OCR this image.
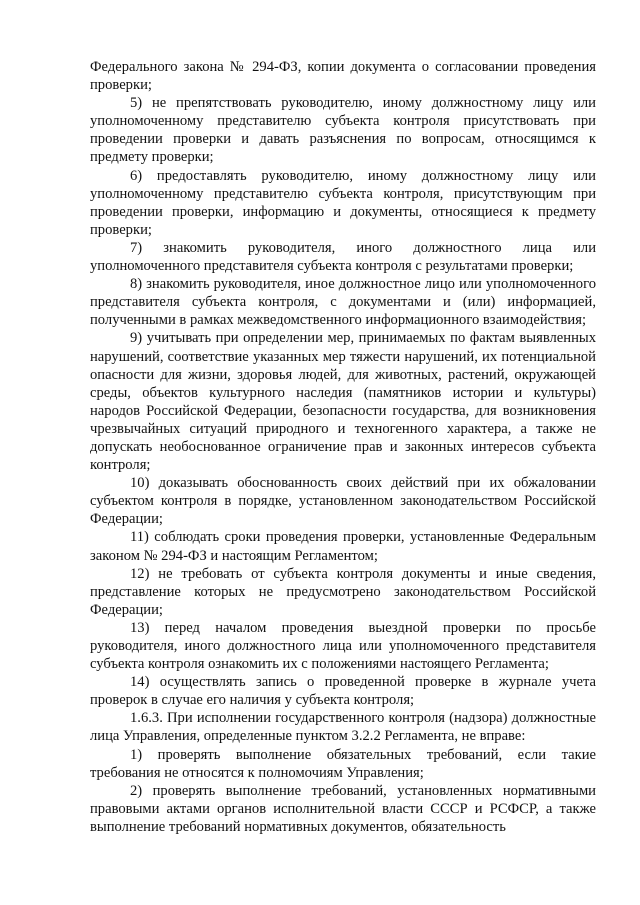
Федерального закона № 294-ФЗ, копии документа о согласовании проведения проверки;

5) не препятствовать руководителю, иному должностному лицу или уполномоченному представителю субъекта контроля присутствовать при проведении проверки и давать разъяснения по вопросам, относящимся к предмету проверки;

6) предоставлять руководителю, иному должностному лицу или уполномоченному представителю субъекта контроля, присутствующим при проведении проверки, информацию и документы, относящиеся к предмету проверки;

7) знакомить руководителя, иного должностного лица или уполномоченного представителя субъекта контроля с результатами проверки;

8) знакомить руководителя, иное должностное лицо или уполномоченного представителя субъекта контроля, с документами и (или) информацией, полученными в рамках межведомственного информационного взаимодействия;

9) учитывать при определении мер, принимаемых по фактам выявленных нарушений, соответствие указанных мер тяжести нарушений, их потенциальной опасности для жизни, здоровья людей, для животных, растений, окружающей среды, объектов культурного наследия (памятников истории и культуры) народов Российской Федерации, безопасности государства, для возникновения чрезвычайных ситуаций природного и техногенного характера, а также не допускать необоснованное ограничение прав и законных интересов субъекта контроля;

10) доказывать обоснованность своих действий при их обжаловании субъектом контроля в порядке, установленном законодательством Российской Федерации;

11) соблюдать сроки проведения проверки, установленные Федеральным законом № 294-ФЗ и настоящим Регламентом;

12) не требовать от субъекта контроля документы и иные сведения, представление которых не предусмотрено законодательством Российской Федерации;

13) перед началом проведения выездной проверки по просьбе руководителя, иного должностного лица или уполномоченного представителя субъекта контроля ознакомить их с положениями настоящего Регламента;

14) осуществлять запись о проведенной проверке в журнале учета проверок в случае его наличия у субъекта контроля;

1.6.3. При исполнении государственного контроля (надзора) должностные лица Управления, определенные пунктом 3.2.2 Регламента, не вправе:

1) проверять выполнение обязательных требований, если такие требования не относятся к полномочиям Управления;

2) проверять выполнение требований, установленных нормативными правовыми актами органов исполнительной власти СССР и РСФСР, а также выполнение требований нормативных документов, обязательность
